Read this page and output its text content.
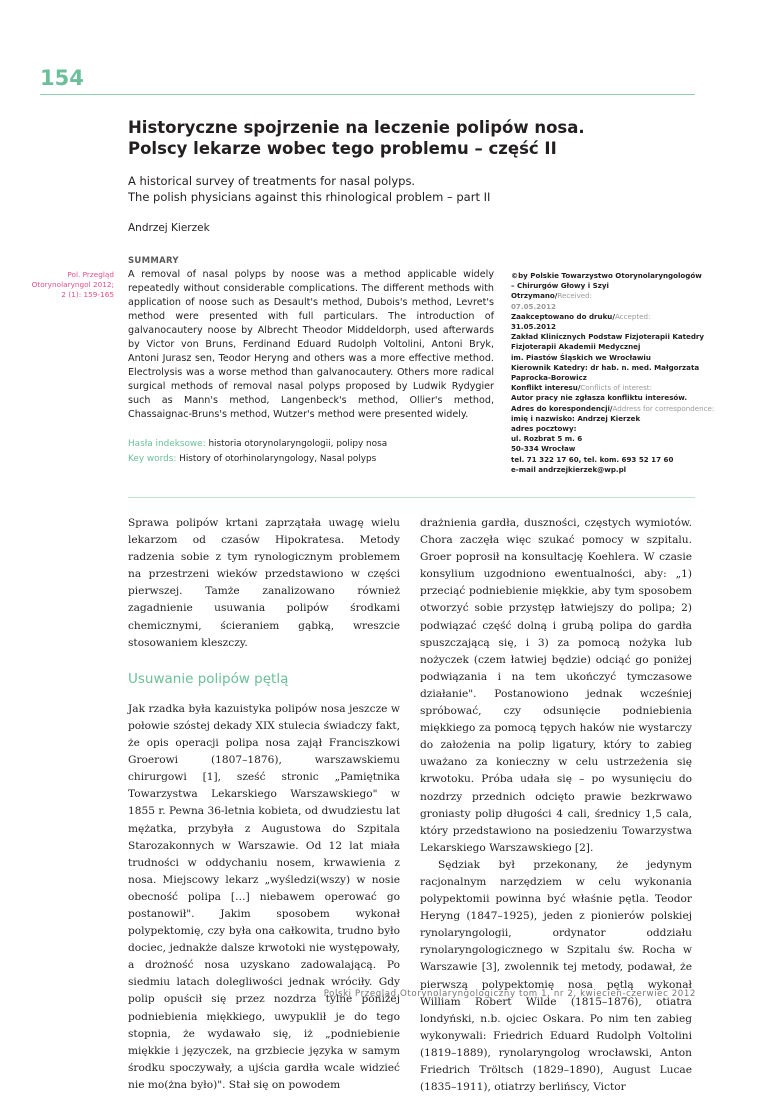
154
Historyczne spojrzenie na leczenie polipów nosa.
Polscy lekarze wobec tego problemu – część II
A historical survey of treatments for nasal polyps.
The polish physicians against this rhinological problem – part II
Andrzej Kierzek
Pol. Przegląd
Otorynolaryngol 2012;
2 (1): 159-165
SUMMARY
A removal of nasal polyps by noose was a method applicable widely repeatedly without considerable complications. The different methods with application of noose such as Desault's method, Dubois's method, Levret's method were presented with full particulars. The introduction of galvanocautery noose by Albrecht Theodor Middeldorph, used afterwards by Victor von Bruns, Ferdinand Eduard Rudolph Voltolini, Antoni Bryk, Antoni Jurasz sen, Teodor Heryng and others was a more effective method. Electrolysis was a worse method than galvanocautery. Others more radical surgical methods of removal nasal polyps proposed by Ludwik Rydygier such as Mann's method, Langenbeck's method, Ollier's method, Chassaignac-Bruns's method, Wutzer's method were presented widely.
Hasła indeksowe: historia otorynolaryngologii, polipy nosa
Key words: History of otorhinolaryngology, Nasal polyps
©by Polskie Towarzystwo Otorynolaryngologów
– Chirurgów Głowy i Szyi
Otrzymano/Received:
07.05.2012
Zaakceptowano do druku/Accepted:
31.05.2012
Zakład Klinicznych Podstaw Fizjoterapii Katedry
Fizjoterapii Akademii Medycznej
im. Piastów Śląskich we Wrocławiu
Kierownik Katedry: dr hab. n. med. Małgorzata
Paprocka-Borowicz
Konflikt interesu/Conflicts of interest:
Autor pracy nie zgłasza konfliktu interesów.
Adres do korespondencji/Address for correspondence:
imię i nazwisko: Andrzej Kierzek
adres pocztowy:
ul. Rozbrat 5 m. 6
50-334 Wrocław
tel. 71 322 17 60, tel. kom. 693 52 17 60
e-mail andrzejkierzek@wp.pl

Sprawa polipów krtani zaprzątała uwagę wielu lekarzom od czasów Hipokratesa. Metody radzenia sobie z tym rynologicznym problemem na przestrzeni wieków przedstawiono w części pierwszej. Tamże zanalizowano również zagadnienie usuwania polipów środkami chemicznymi, ścieraniem gąbką, wreszcie stosowaniem kleszczy.

Usuwanie polipów pętlą

Jak rzadka była kazuistyka polipów nosa jeszcze w połowie szóstej dekady XIX stulecia świadczy fakt, że opis operacji polipa nosa zajął Franciszkowi Groerowi (1807–1876), warszawskiemu chirurgowi [1], sześć stronic „Pamiętnika Towarzystwa Lekarskiego Warszawskiego" w 1855 r. Pewna 36-letnia kobieta, od dwudziestu lat mężatka, przybyła z Augustowa do Szpitala Starozakonnych w Warszawie. Od 12 lat miała trudności w oddychaniu nosem, krwawienia z nosa. Miejscowy lekarz „wyśledzi(wszy) w nosie obecność polipa […] niebawem operować go postanowił". Jakim sposobem wykonał polypektomię, czy była ona całkowita, trudno było dociec, jednakże dalsze krwotoki nie występowały, a drożność nosa uzyskano zadowalającą. Po siedmiu latach dolegliwości jednak wróciły. Gdy polip opuścił się przez nozdrza tylne poniżej podniebienia miękkiego, uwypuklił je do tego stopnia, że wydawało się, iż „podniebienie miękkie i języczek, na grzbiecie języka w samym środku spoczywały, a ujścia gardła wcale widzieć nie mo(żna było)". Stał się on powodem

drażnienia gardła, duszności, częstych wymiotów. Chora zaczęła więc szukać pomocy w szpitalu. Groer poprosił na konsultację Koehlera. W czasie konsylium uzgodniono ewentualności, aby: „1) przeciąć podniebienie miękkie, aby tym sposobem otworzyć sobie przystęp łatwiejszy do polipa; 2) podwiązać część dolną i grubą polipa do gardła spuszczającą się, i 3) za pomocą nożyka lub nożyczek (czem łatwiej będzie) odciąć go poniżej podwiązania i na tem ukończyć tymczasowe działanie". Postanowiono jednak wcześniej spróbować, czy odsunięcie podniebienia miękkiego za pomocą tępych haków nie wystarczy do założenia na polip ligatury, który to zabieg uważano za konieczny w celu ustrzeżenia się krwotoku. Próba udała się – po wysunięciu do nozdrzy przednich odcięto prawie bezkrwawo groniasty polip długości 4 cali, średnicy 1,5 cala, który przedstawiono na posiedzeniu Towarzystwa Lekarskiego Warszawskiego [2].

Sędziak był przekonany, że jedynym racjonalnym narzędziem w celu wykonania polypektomii powinna być właśnie pętla. Teodor Heryng (1847–1925), jeden z pionierów polskiej rynolaryngologii, ordynator oddziału rynolaryngologicznego w Szpitalu św. Rocha w Warszawie [3], zwolennik tej metody, podawał, że pierwszą polypektomię nosa pętlą wykonał William Robert Wilde (1815–1876), otiatra londyński, n.b. ojciec Oskara. Po nim ten zabieg wykonywali: Friedrich Eduard Rudolph Voltolini (1819–1889), rynolaryngolog wrocławski, Anton Friedrich Tröltsch (1829–1890), August Lucae (1835–1911), otiatrzy berlińscy, Victor

Polski Przegląd Otorynolaryngologiczny tom 1, nr 2, kwiecień-czerwiec 2012
